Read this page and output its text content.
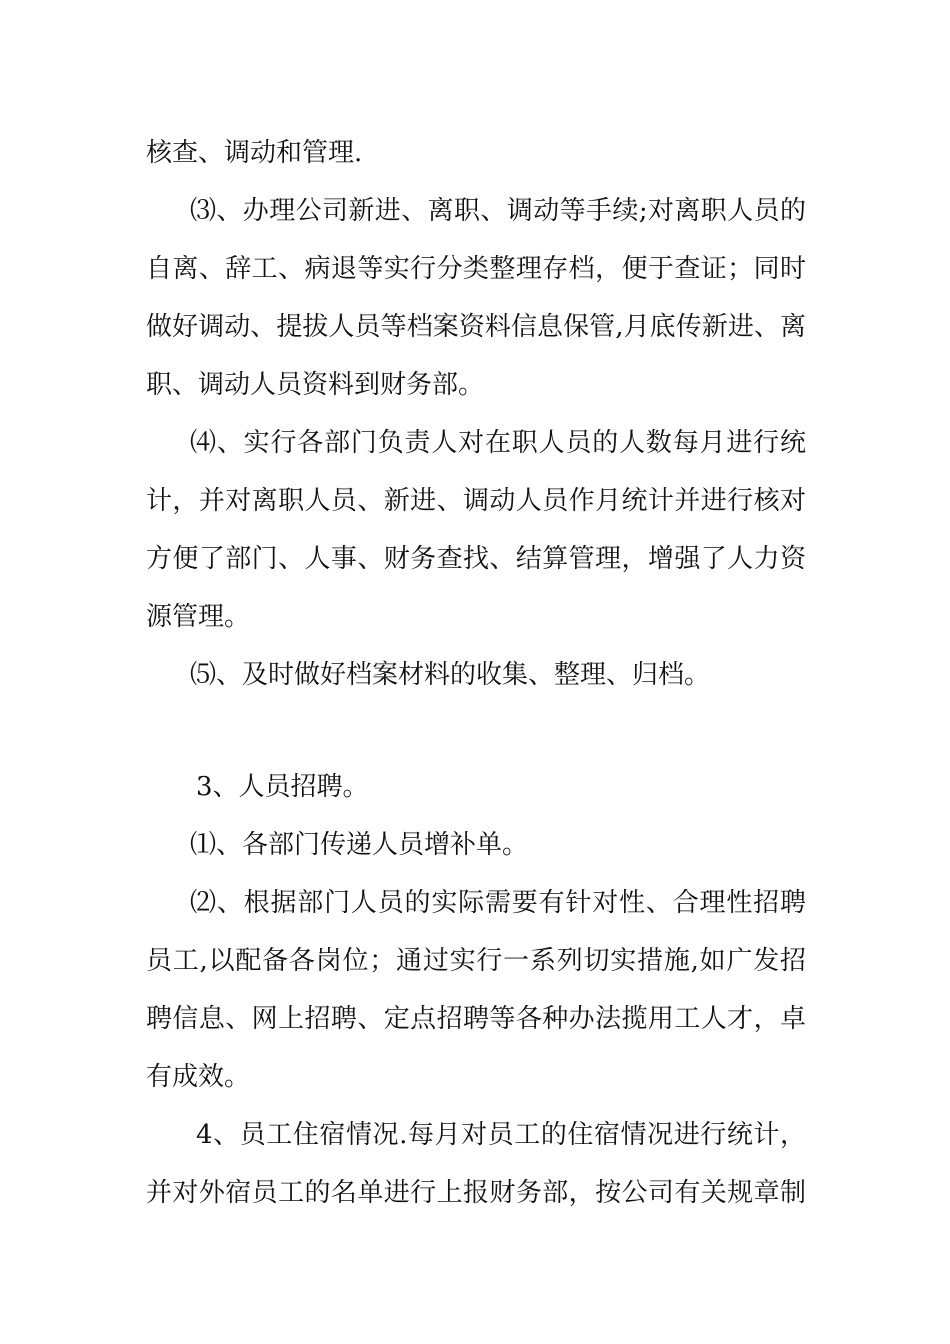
核查、调动和管理.
⑶、办理公司新进、离职、调动等手续;对离职人员的
自离、辞工、病退等实行分类整理存档，便于查证；同时
做好调动、提拔人员等档案资料信息保管,月底传新进、离
职、调动人员资料到财务部。
⑷、实行各部门负责人对在职人员的人数每月进行统
计，并对离职人员、新进、调动人员作月统计并进行核对
方便了部门、人事、财务查找、结算管理，增强了人力资
源管理。
⑸、及时做好档案材料的收集、整理、归档。
3、人员招聘。
⑴、各部门传递人员增补单。
⑵、根据部门人员的实际需要有针对性、合理性招聘
员工,以配备各岗位；通过实行一系列切实措施,如广发招
聘信息、网上招聘、定点招聘等各种办法揽用工人才，卓
有成效。
4、员工住宿情况.每月对员工的住宿情况进行统计，
并对外宿员工的名单进行上报财务部，按公司有关规章制
